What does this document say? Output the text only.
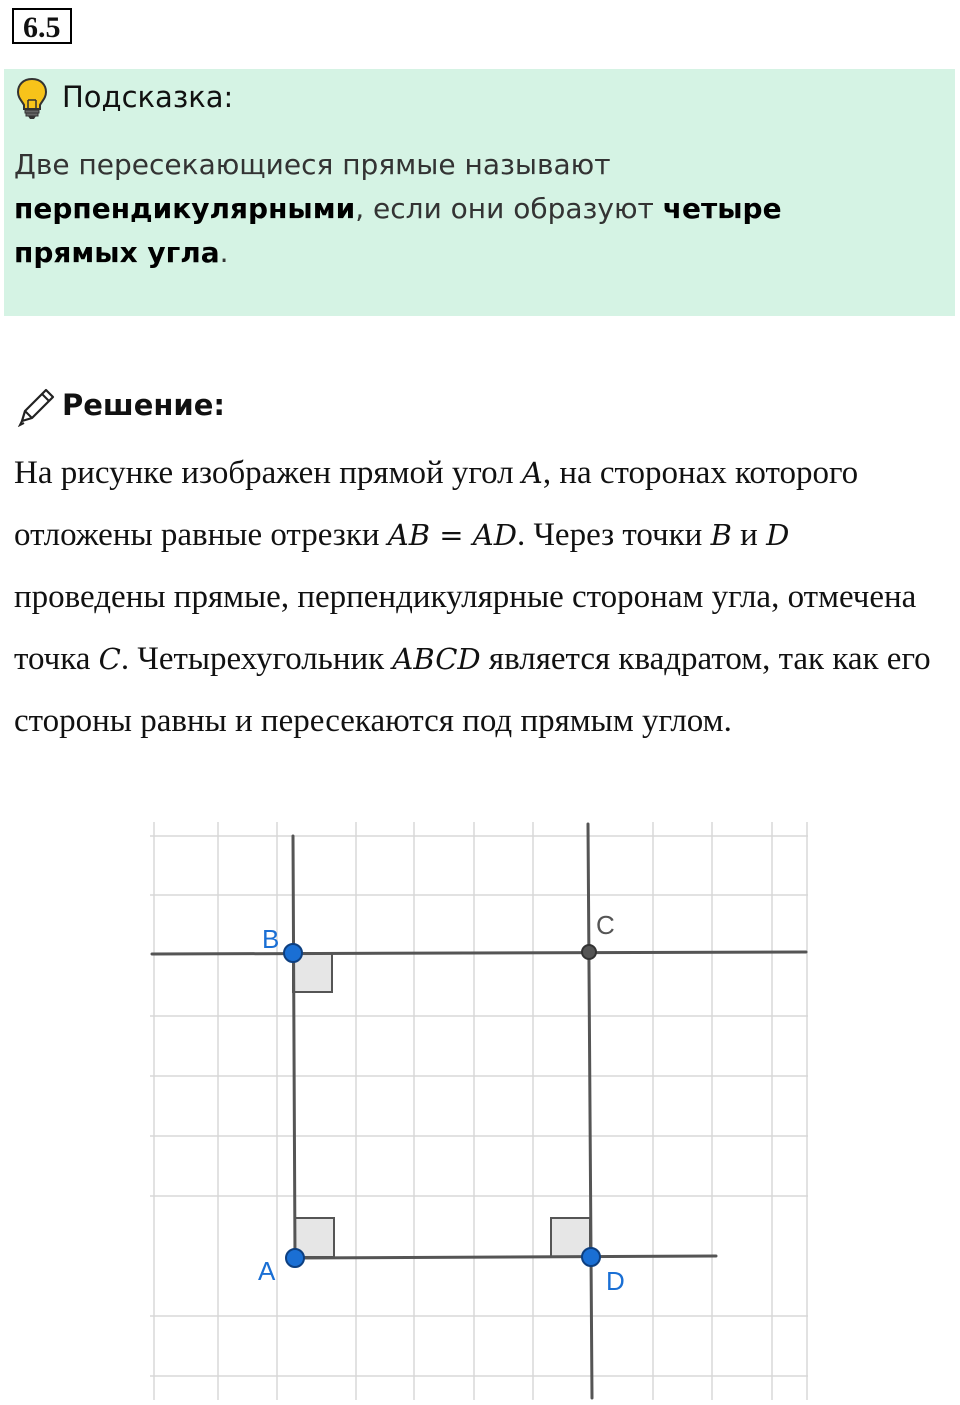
6.5
Подсказка:
Две пересекающиеся прямые называют
перпендикулярными, если они образуют четыре прямых угла.
Решение:
На рисунке изображен прямой угол A, на сторонах которого отложены равные отрезки AB = AD. Через точки B и D проведены прямые, перпендикулярные сторонам угла, отмечена точка C. Четырехугольник ABCD является квадратом, так как его стороны равны и пересекаются под прямым углом.
B	C
A	D
